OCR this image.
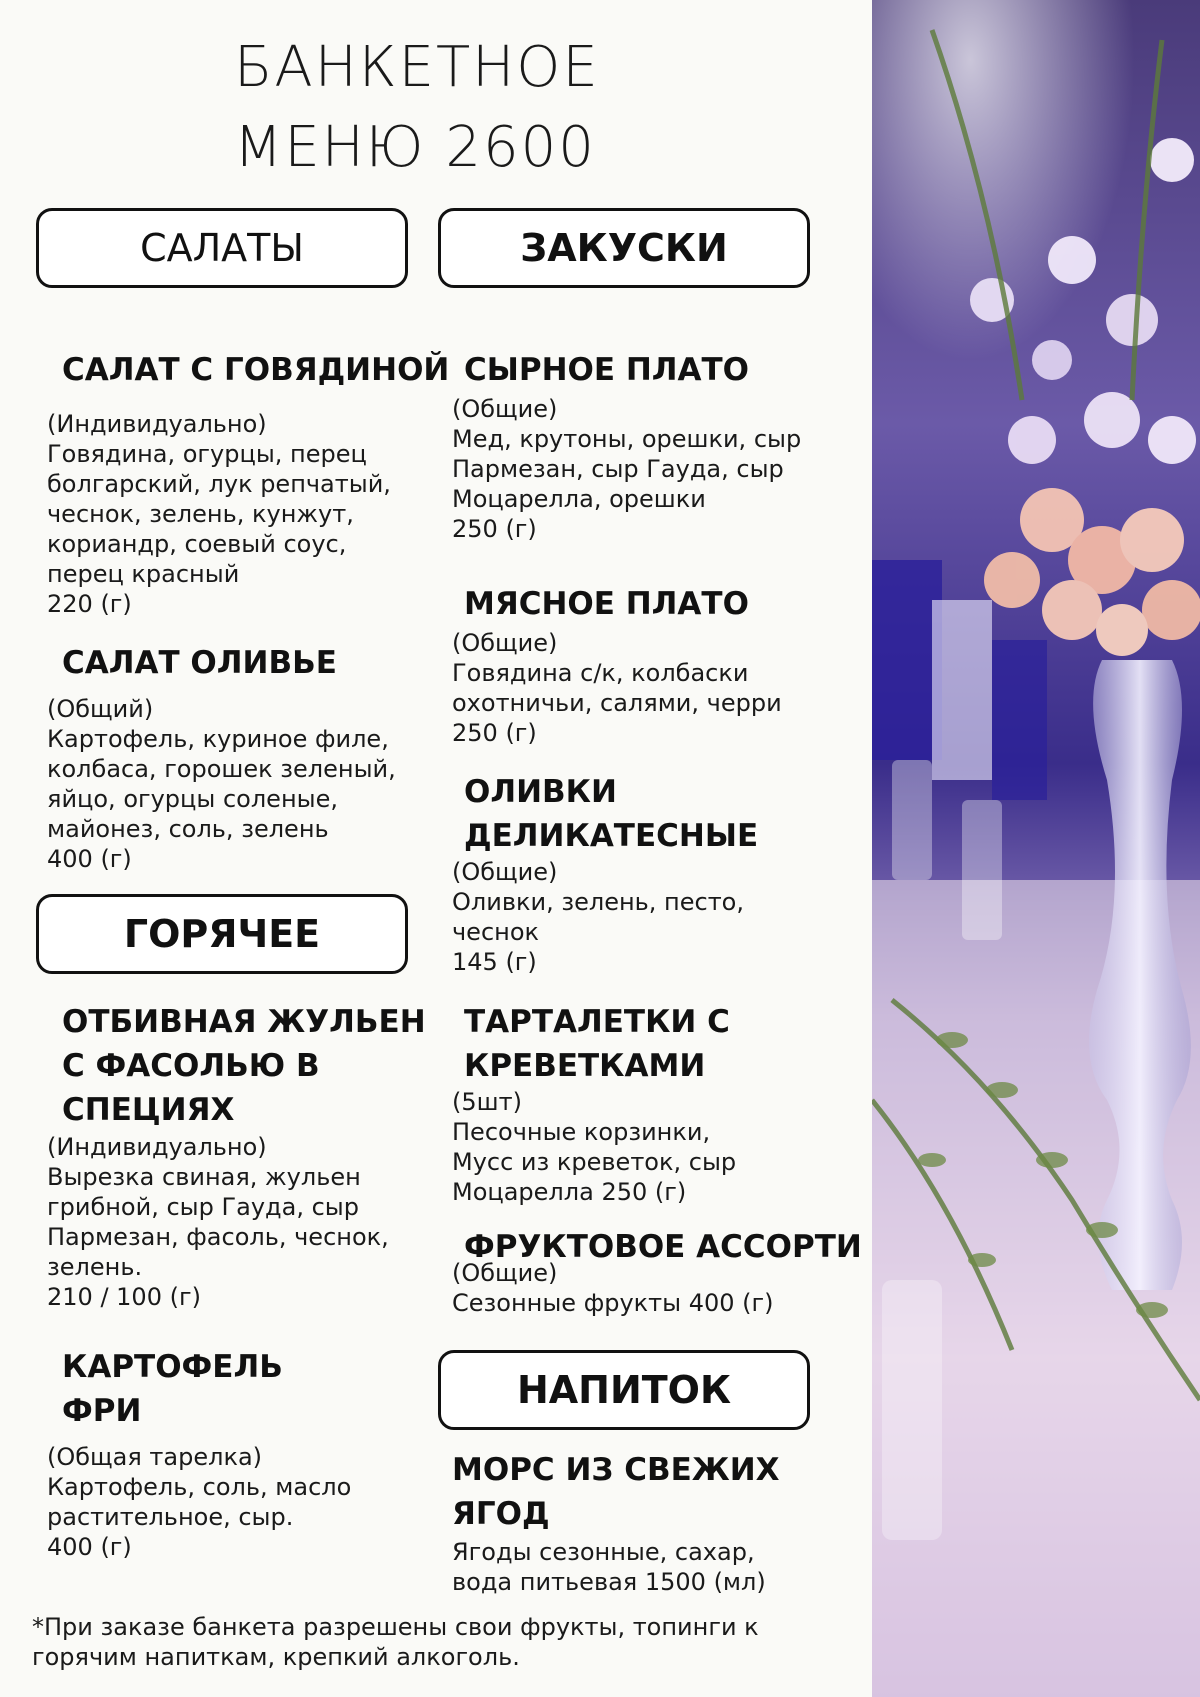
БАНКЕТНОЕ
МЕНЮ 2600
САЛАТЫ	ЗАКУСКИ
ГОРЯЧЕЕ
НАПИТОК
САЛАТ С ГОВЯДИНОЙ
(Индивидуально)
Говядина, огурцы, перец
болгарский, лук репчатый,
чеснок, зелень, кунжут,
кориандр, соевый соус,
перец красный
220 (г)
САЛАТ ОЛИВЬЕ
(Общий)
Картофель, куриное филе,
колбаса, горошек зеленый,
яйцо, огурцы соленые,
майонез, соль, зелень
400 (г)
ОТБИВНАЯ ЖУЛЬЕН
С ФАСОЛЬЮ В
СПЕЦИЯХ
(Индивидуально)
Вырезка свиная, жульен
грибной, сыр Гауда, сыр
Пармезан, фасоль, чеснок,
зелень.
210 / 100 (г)
КАРТОФЕЛЬ
ФРИ
(Общая тарелка)
Картофель, соль, масло
растительное, сыр.
400 (г)
СЫРНОЕ ПЛАТО
(Общие)
Мед, крутоны, орешки, сыр
Пармезан, сыр Гауда, сыр
Моцарелла, орешки
250 (г)
МЯСНОЕ ПЛАТО
(Общие)
Говядина с/к, колбаски
охотничьи, салями, черри
250 (г)
ОЛИВКИ
ДЕЛИКАТЕСНЫЕ
(Общие)
Оливки, зелень, песто,
чеснок
145 (г)
ТАРТАЛЕТКИ С
КРЕВЕТКАМИ
(5шт)
Песочные корзинки,
Мусс из креветок, сыр
Моцарелла 250 (г)
ФРУКТОВОЕ АССОРТИ
(Общие)
Сезонные фрукты 400 (г)
МОРС ИЗ СВЕЖИХ
ЯГОД
Ягоды сезонные, сахар,
вода питьевая 1500 (мл)
*При заказе банкета разрешены свои фрукты, топинги к
горячим напиткам, крепкий алкоголь.
